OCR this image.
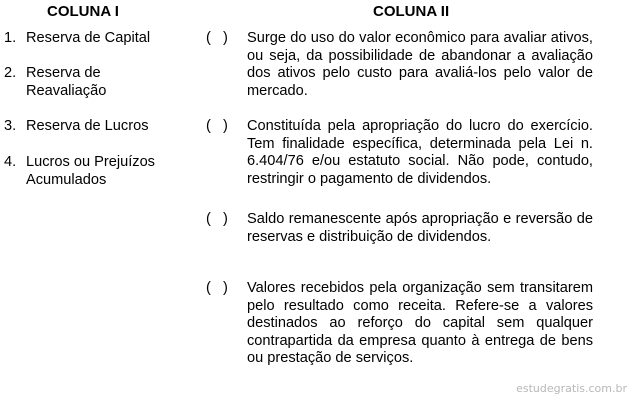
COLUNA I	COLUNA II
1. Reserva de Capital
2. Reserva de Reavaliação
3. Reserva de Lucros
4. Lucros ou Prejuízos Acumulados
(   ) Surge do uso do valor econômico para avaliar ativos, ou seja, da possibilidade de abandonar a avaliação dos ativos pelo custo para avaliá-los pelo valor de mercado.
(   ) Constituída pela apropriação do lucro do exercício. Tem finalidade específica, determinada pela Lei n. 6.404/76 e/ou estatuto social. Não pode, contudo, restringir o pagamento de dividendos.
(   ) Saldo remanescente após apropriação e reversão de reservas e distribuição de dividendos.
(   ) Valores recebidos pela organização sem transitarem pelo resultado como receita. Refere-se a valores destinados ao reforço do capital sem qualquer contrapartida da empresa quanto à entrega de bens ou prestação de serviços.
estudegratis.com.br
